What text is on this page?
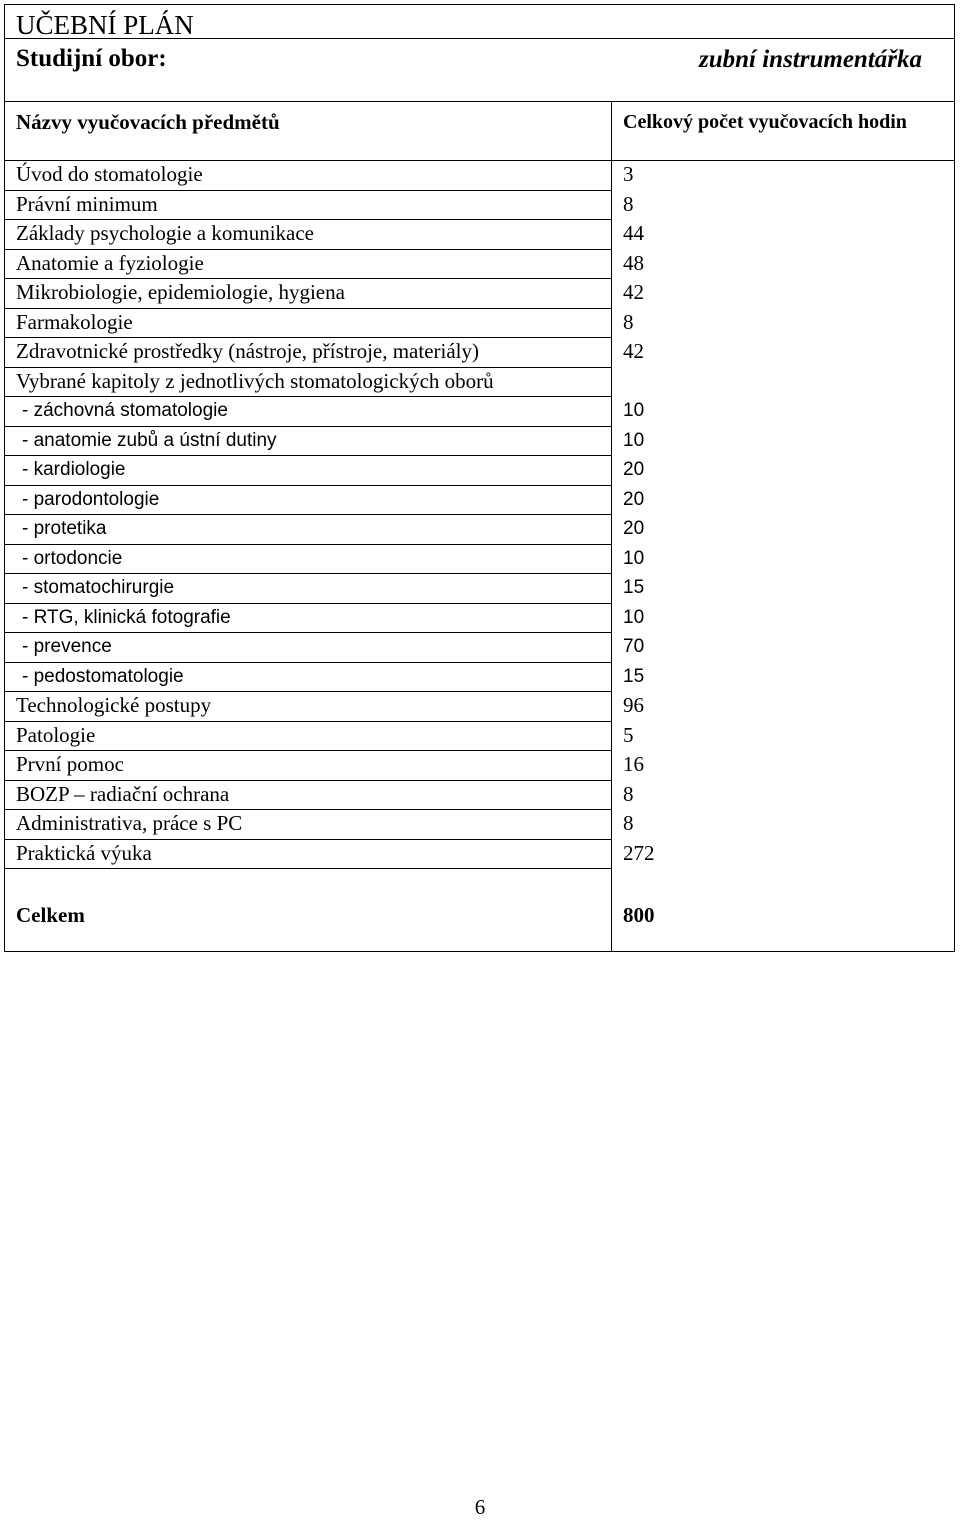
UČEBNÍ PLÁN
Studijní obor:	zubní instrumentářka
Názvy vyučovacích předmětů	Celkový počet vyučovacích hodin
Úvod do stomatologie	3
Právní minimum	8
Základy psychologie a komunikace	44
Anatomie a fyziologie	48
Mikrobiologie, epidemiologie, hygiena	42
Farmakologie	8
Zdravotnické prostředky (nástroje, přístroje, materiály)	42
Vybrané kapitoly z jednotlivých stomatologických oborů
- záchovná stomatologie	10
- anatomie zubů a ústní dutiny	10
- kardiologie	20
- parodontologie	20
- protetika	20
- ortodoncie	10
- stomatochirurgie	15
- RTG, klinická fotografie	10
- prevence	70
- pedostomatologie	15
Technologické postupy	96
Patologie	5
První pomoc	16
BOZP – radiační ochrana	8
Administrativa, práce s PC	8
Praktická výuka	272
Celkem	800
6
